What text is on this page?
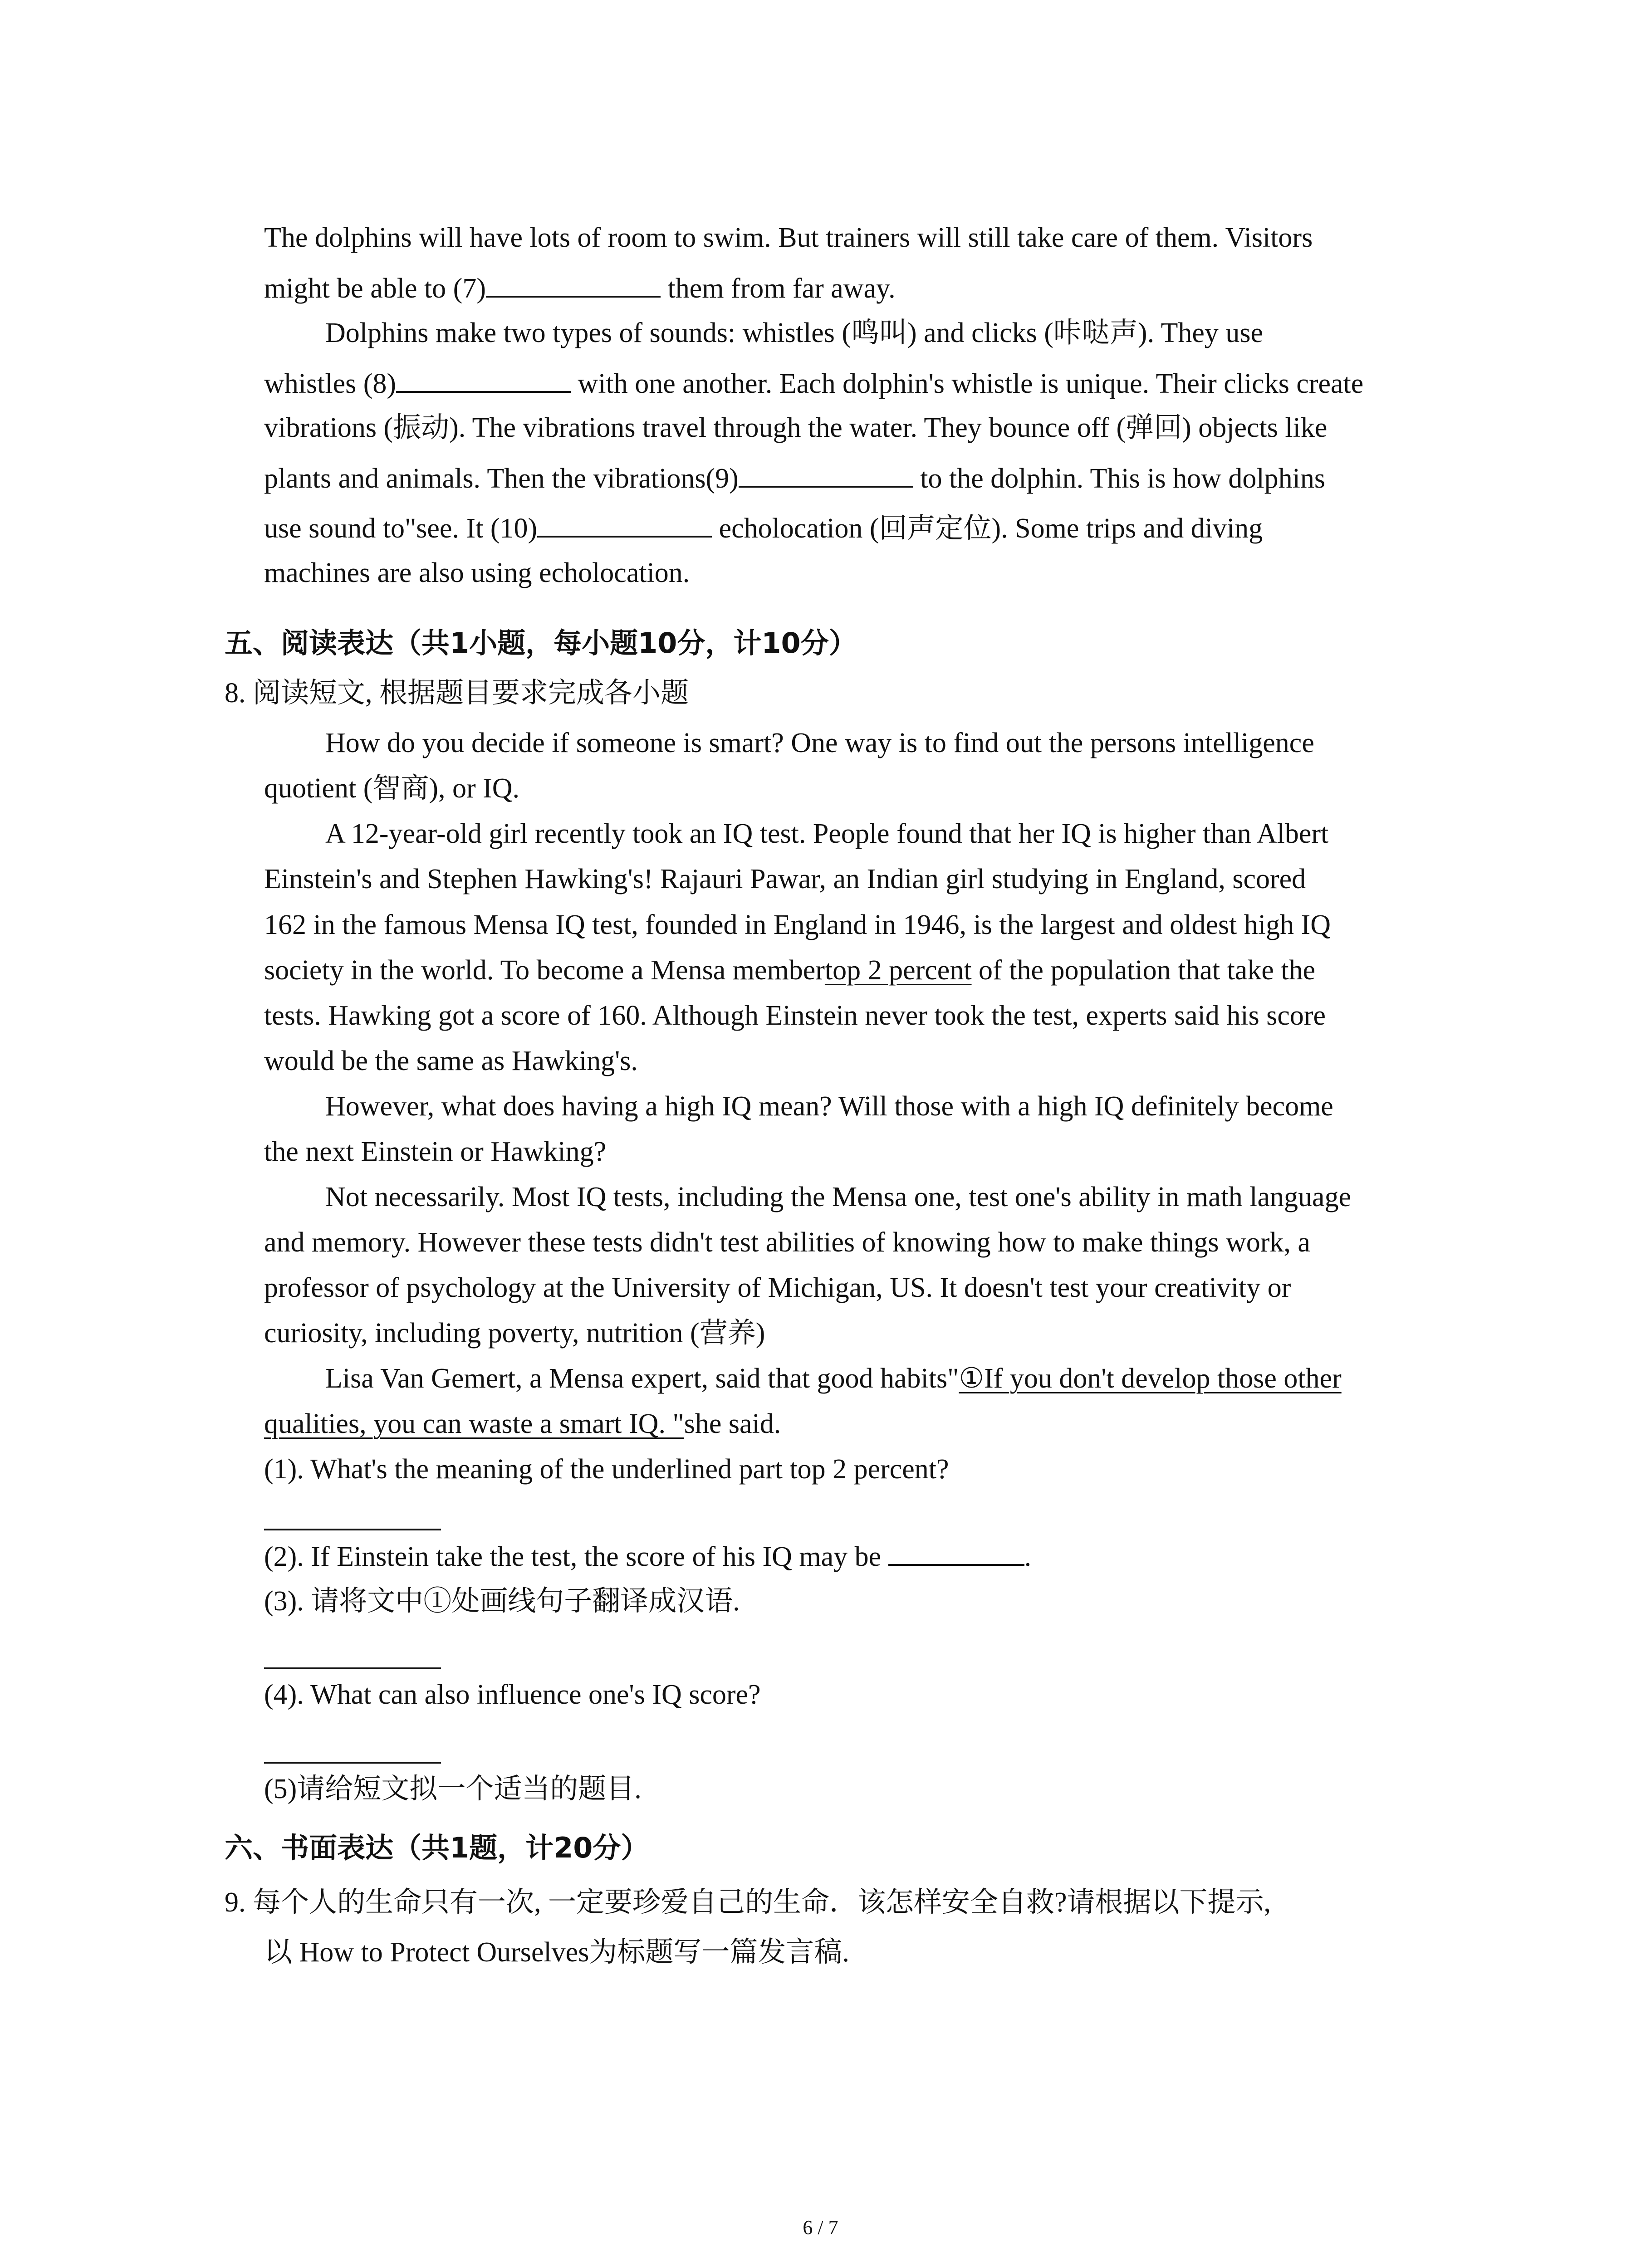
The dolphins will have lots of room to swim. But trainers will still take care of them. Visitors
might be able to (7)	them from far away.
Dolphins make two types of sounds: whistles (鸣叫) and clicks (咔哒声). They use
whistles (8)	with one another. Each dolphin's whistle is unique. Their clicks create
vibrations (振动). The vibrations travel through the water. They bounce off (弹回) objects like
plants and animals. Then the vibrations(9)	to the dolphin. This is how dolphins
use sound to"see. It (10)	echolocation (回声定位). Some trips and diving
machines are also using echolocation.
五、阅读表达（共1小题，每小题10分，计10分）
8. 阅读短文, 根据题目要求完成各小题
How do you decide if someone is smart? One way is to find out the persons intelligence
quotient (智商), or IQ.
A 12-year-old girl recently took an IQ test. People found that her IQ is higher than Albert
Einstein's and Stephen Hawking's! Rajauri Pawar, an Indian girl studying in England, scored
162 in the famous Mensa IQ test, founded in England in 1946, is the largest and oldest high IQ
society in the world. To become a Mensa membertop 2 percent of the population that take the
tests. Hawking got a score of 160. Although Einstein never took the test, experts said his score
would be the same as Hawking's.
However, what does having a high IQ mean? Will those with a high IQ definitely become
the next Einstein or Hawking?
Not necessarily. Most IQ tests, including the Mensa one, test one's ability in math language
and memory. However these tests didn't test abilities of knowing how to make things work, a
professor of psychology at the University of Michigan, US. It doesn't test your creativity or
curiosity, including poverty, nutrition (营养)
Lisa Van Gemert, a Mensa expert, said that good habits"①If you don't develop those other
qualities, you can waste a smart IQ. "she said.
(1). What's the meaning of the underlined part top 2 percent?
(2). If Einstein take the test, the score of his IQ may be	.
(3). 请将文中①处画线句子翻译成汉语.
(4). What can also influence one's IQ score?
(5)请给短文拟一个适当的题目.
六、书面表达（共1题，计20分）
9. 每个人的生命只有一次, 一定要珍爱自己的生命．该怎样安全自救?请根据以下提示,
以 How to Protect Ourselves为标题写一篇发言稿.
6 / 7
